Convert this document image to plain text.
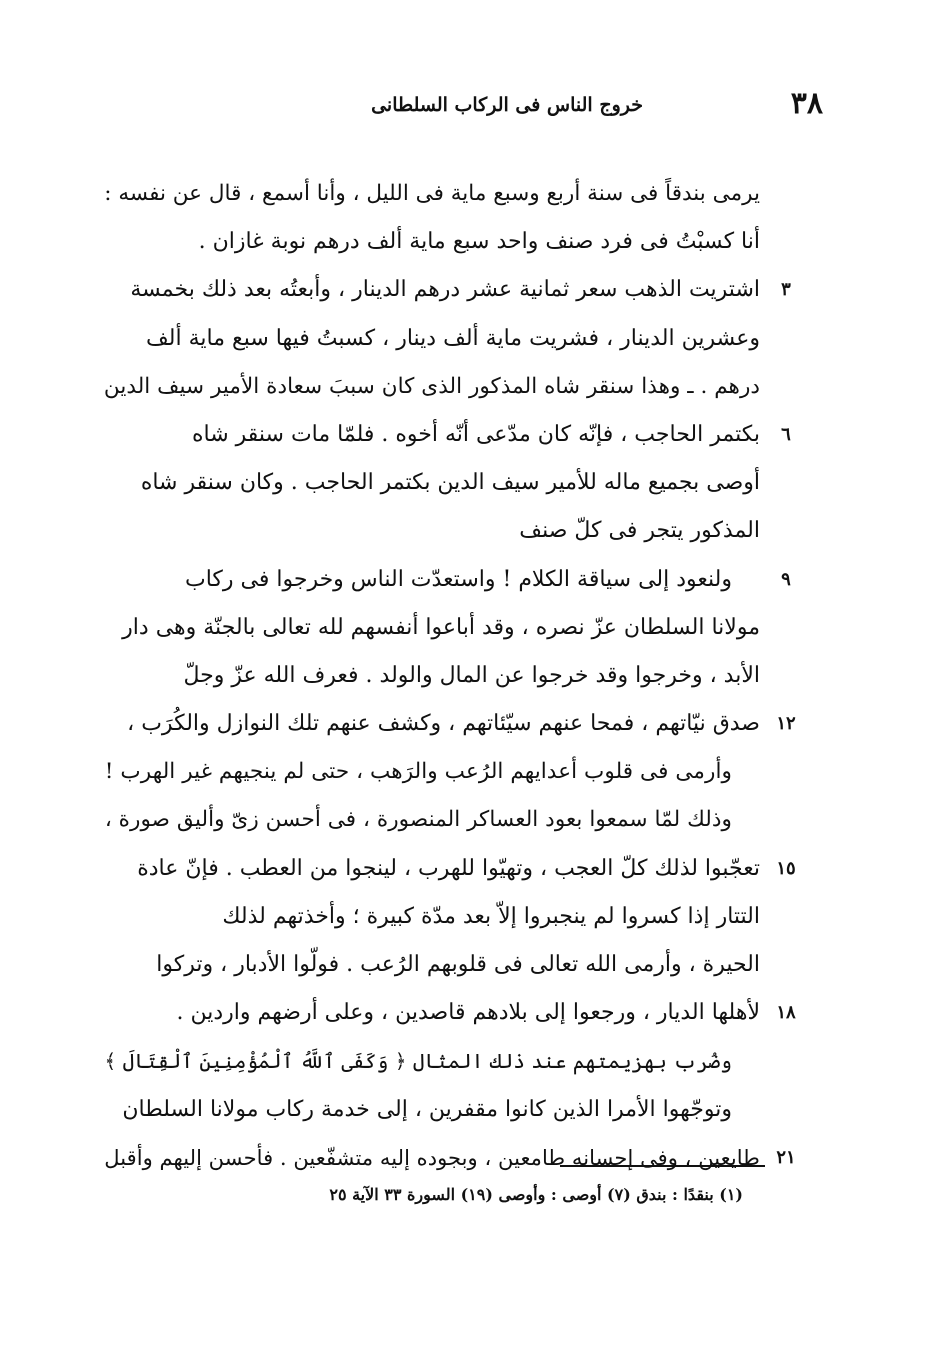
٣٨
خروج الناس فى الركاب السلطانى
يرمى بندقاً فى سنة أربع وسبع ماية فى الليل ، وأنا أسمع ، قال عن نفسه :
أنا كسبْتُ فى فرد صنف واحد سبع ماية ألف درهم نوبة غازان .
اشتريت الذهب سعر ثمانية عشر درهم الدينار ، وأبعتُه بعد ذلك بخمسة	٣
وعشرين الدينار ، فشريت ماية ألف دينار ، كسبتُ فيها سبع ماية ألف
درهم . ـ وهذا سنقر شاه المذكور الذى كان سببَ سعادة الأمير سيف الدين
بكتمر الحاجب ، فإنّه كان مدّعى أنّه أخوه . فلمّا مات سنقر شاه	٦
أوصى بجميع ماله للأمير سيف الدين بكتمر الحاجب . وكان سنقر شاه
المذكور يتجر فى كلّ صنف
ولنعود إلى سياقة الكلام ! واستعدّت الناس وخرجوا فى ركاب	٩
مولانا السلطان عزّ نصره ، وقد أباعوا أنفسهم لله تعالى بالجنّة وهى دار
الأبد ، وخرجوا وقد خرجوا عن المال والولد . فعرف الله عزّ وجلّ
صدق نيّاتهم ، فمحا عنهم سيّئاتهم ، وكشف عنهم تلك النوازل والكُرَب ، ١٢
وأرمى فى قلوب أعدايهم الرُعب والرَهب ، حتى لم ينجيهم غير الهرب !
وذلك لمّا سمعوا بعود العساكر المنصورة ، فى أحسن زىّ وأليق صورة ،
تعجّبوا لذلك كلّ العجب ، وتهيّوا للهرب ، لينجوا من العطب . فإنّ عادة ١٥
التتار إذا كسروا لم ينجبروا إلاّ بعد مدّة كبيرة ؛ وأخذتهم لذلك
الحيرة ، وأرمى الله تعالى فى قلوبهم الرُعب . فولّوا الأدبار ، وتركوا
لأهلها الديار ، ورجعوا إلى بلادهم قاصدين ، وعلى أرضهم واردين . ١٨
وضُرب بهزيمتهم عند ذلك المثال ﴿ وَكَفَى ٱللَّهُ ٱلْمُؤْمِنِينَ ٱلْقِتَالَ ﴾
وتوجّهوا الأمرا الذين كانوا مقفرين ، إلى خدمة ركاب مولانا السلطان
طايعين ، وفى إحسانه طامعين ، وبجوده إليه متشفّعين . فأحسن إليهم وأقبل ٢١
(١) بنقدًا : بندق (٧) أوصى : وأوصى (١٩) السورة ٣٣ الآية ٢٥
